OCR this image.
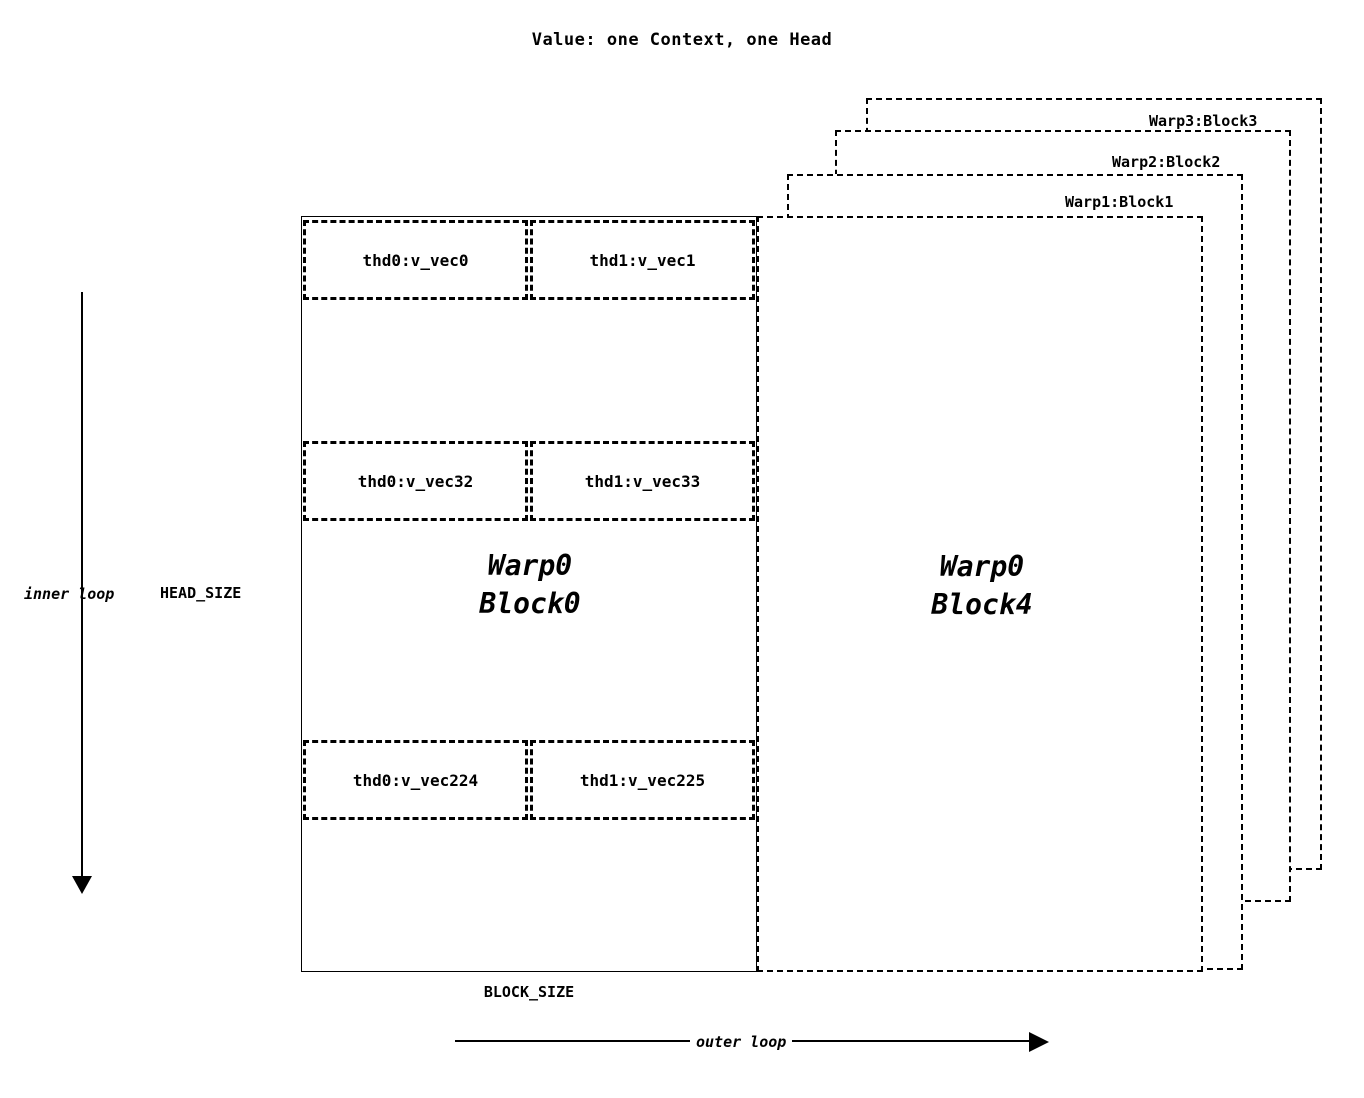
Value: one Context, one Head
Warp3:Block3
Warp2:Block2
Warp1:Block1
Warp0
Block4
thd0:v_vec0	thd1:v_vec1
thd0:v_vec32	thd1:v_vec33
Warp0
Block0
thd0:v_vec224	thd1:v_vec225
inner loop	HEAD_SIZE
BLOCK_SIZE
outer loop
